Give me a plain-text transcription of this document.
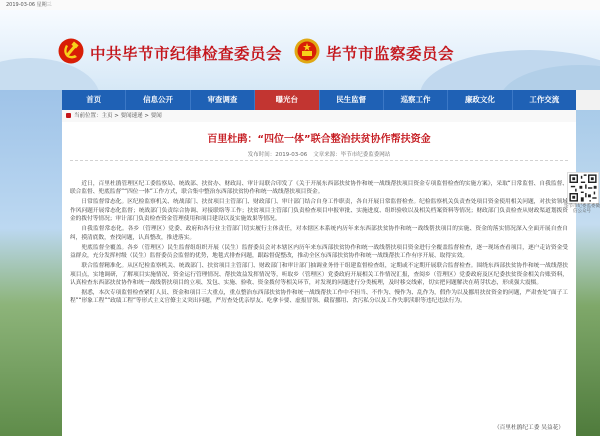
2019-03-06 星期三
中共毕节市纪律检查委员会	毕节市监察委员会
首页	信息公开	审查调查	曝光台	民生监督	巡察工作	廉政文化	工作交流
当前位置：主页 > 要闻速递 > 要闻
百里杜鹃：“四位一体”联合整治扶贫协作帮扶资金
发布时间：2019-03-06 文章来源：毕节市纪委监委网站

近日，百里杜鹃管理区纪工委监察局、统战部、扶贫办、财政局、审计局联合印发了《关于开展东西部扶贫协作和统一战线帮扶项目资金专项监督检查的实施方案》，采取“日常监督、自我监督、联合监督、兜底监督”“四位一体”工作方式，联合集中整治东西部扶贫协作和统一战线帮扶项目资金。

日常监督常态化。区纪检监察机关、统战部门、扶贫项目主管部门、财政部门、审计部门结合自身工作职责，各自开展日常监督检查。纪检监察机关负责查处项目资金使用相关问题，对扶贫领域作风问题开展常态化监督；统战部门负责综合协调、对接联络等工作；扶贫项目主管部门负责检查项目申报审批、实施进度、组织验收以及相关档案资料等情况；财政部门负责检查从财政渠道划拨资金的拨付等情况；审计部门负责检查资金管理使用和项目建设以及实施效果等情况。

自我监督常态化。各乡（管理区）党委、政府和各行业主管部门切实履行主体责任，对本辖区本系统内历年来东西部扶贫协作和统一战线帮扶项目的实施、资金的落实情况深入全面开展自查自纠，摸清底数，查找问题，认真整改，推进落实。

兜底监督全覆盖。各乡（管理区）民生监督组组织开展（民生）监督委员会对本辖区内历年来东西部扶贫协作和统一战线帮扶项目资金进行全覆盖监督检查，逐一现场查看项目，逐户走访资金受益群众，充分发挥村级（民生）监督委员会监督的优势，地毯式排查问题，跟踪督促整改，推动全区东西部扶贫协作和统一战线帮扶工作有序开展、取得实效。

联合监督精准化。从区纪检监察机关、统战部门、扶贫项目主管部门、财政部门和审计部门抽调业务骨干组建监督检查组，定期或不定期开展联合监督检查。围绕东西部扶贫协作和统一战线帮扶项目点，实地调研，了解项目实施情况、资金运行管理情况、帮扶效益发挥情况等，听取乡（管理区）党委政府开展相关工作情况汇报，查阅乡（管理区）党委政府及区纪委扶贫资金相关台账资料，认真检查东西部扶贫协作和统一战线帮扶项目的立项、发包、实施、验收、资金拨付等相关环节，对发现的问题进行分类梳理，及时移交线索，切实把问题解决在萌芽状态，形成强大震慑。

据悉，本次专项监督检查紧盯人员、资金和项目三大重点，重点整治东西部扶贫协作和统一战线帮扶工作中不担当、不作为、慢作为、乱作为，假作为以及挪用扶贫资金的问题，严肃查处“面子工程”“形象工程”“政绩工程”等形式主义官僚主义突出问题，严厉查处优亲厚友、吃拿卡要、虚报冒领、截留挪用、贪污私分以及工作失职渎职等违纪违法行为。

（百里杜鹃纪工委 吴益花）
毕节市纪委监委微信公众号
